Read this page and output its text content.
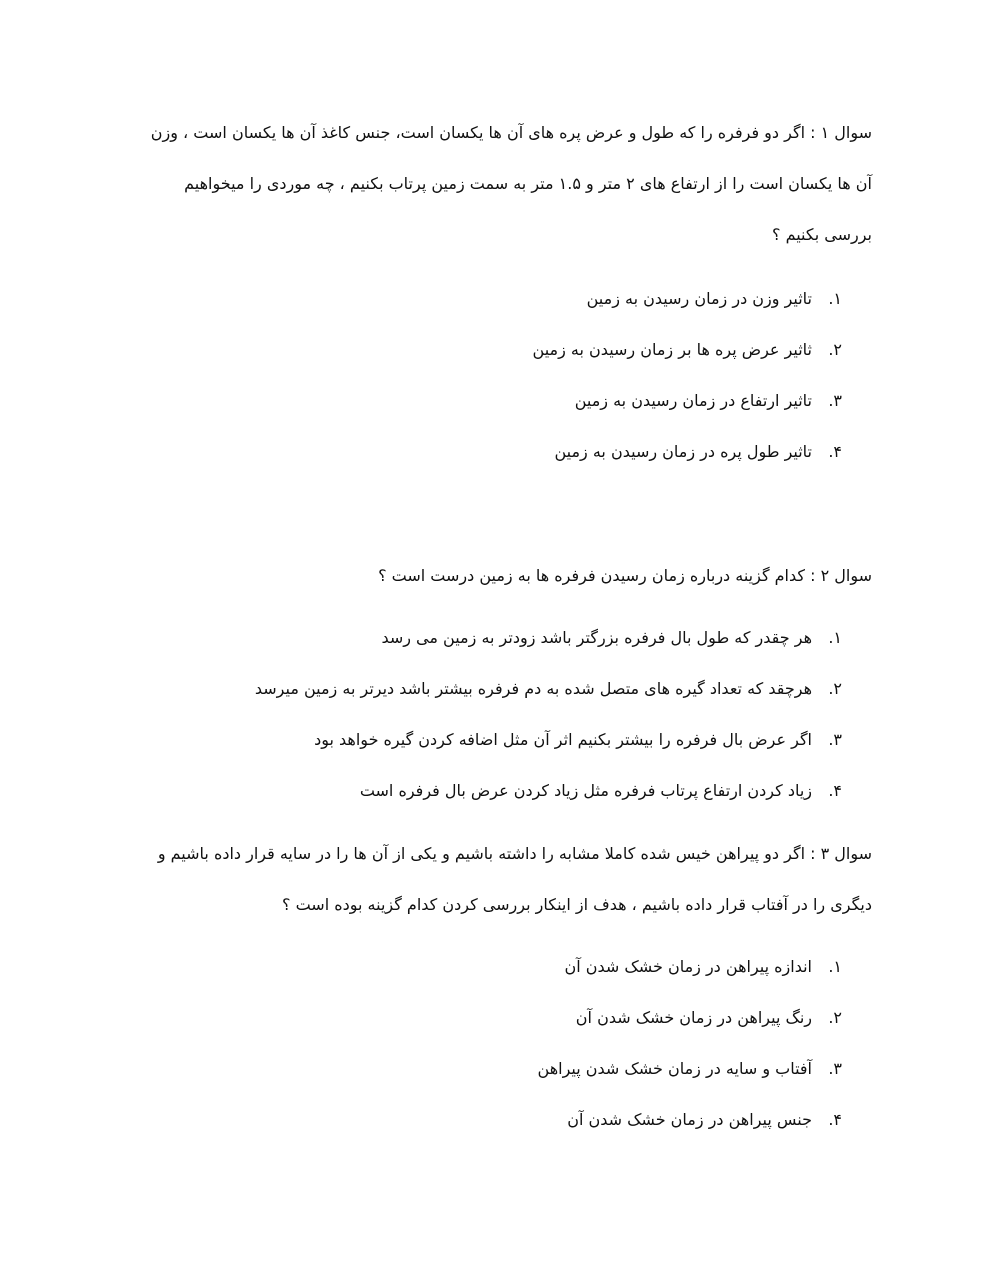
سوال ۱ : اگر دو فرفره را که طول و عرض پره های آن ها یکسان است، جنس کاغذ آن ها یکسان است ، وزن آن ها یکسان است را از ارتفاع های ۲ متر و ۱.۵ متر به سمت زمین پرتاب بکنیم ، چه موردی را میخواهیم بررسی بکنیم ؟

۱.تاثیر وزن در زمان رسیدن به زمین
۲.ثاثیر عرض پره ها بر زمان رسیدن به زمین
۳.تاثیر ارتفاع در زمان رسیدن به زمین
۴.تاثیر طول پره در زمان رسیدن به زمین

سوال ۲ : کدام گزینه درباره زمان رسیدن فرفره ها به زمین درست است ؟

۱.هر چقدر که طول بال فرفره بزرگتر باشد زودتر به زمین می رسد
۲.هرچقد که تعداد گیره های متصل شده به دم فرفره بیشتر باشد دیرتر به زمین میرسد
۳.اگر عرض بال فرفره را بیشتر بکنیم اثر آن مثل اضافه کردن گیره خواهد بود
۴.زیاد کردن ارتفاع پرتاب فرفره مثل زیاد کردن عرض بال فرفره است

سوال ۳ : اگر دو پیراهن خیس شده کاملا مشابه را داشته باشیم و یکی از آن ها را در سایه قرار داده باشیم و دیگری را در آفتاب قرار داده باشیم ، هدف از اینکار بررسی کردن کدام گزینه بوده است ؟

۱.اندازه پیراهن در زمان خشک شدن آن
۲.رنگ پیراهن در زمان خشک شدن آن
۳.آفتاب و سایه در زمان خشک شدن پیراهن
۴.جنس پیراهن در زمان خشک شدن آن
